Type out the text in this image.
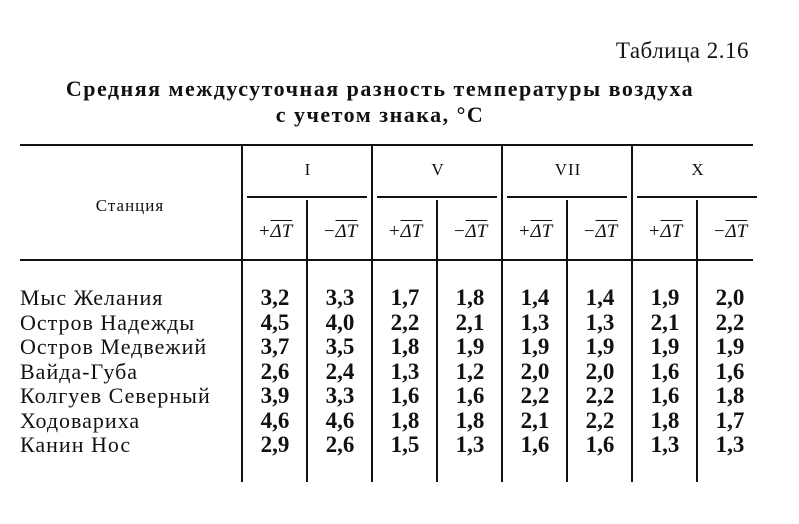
Таблица 2.16
Средняя междусуточная разность температуры воздуха
с учетом знака, °С
Станция
I	V	VII	X
$+\overline{\Delta T}$	$-\overline{\Delta T}$	$+\overline{\Delta T}$	$-\overline{\Delta T}$	$+\overline{\Delta T}$	$-\overline{\Delta T}$	$+\overline{\Delta T}$	$-\overline{\Delta T}$
Мыс Желания	3,2	3,3	1,7	1,8	1,4	1,4	1,9	2,0
Остров Надежды	4,5	4,0	2,2	2,1	1,3	1,3	2,1	2,2
Остров Медвежий	3,7	3,5	1,8	1,9	1,9	1,9	1,9	1,9
Вайда-Губа	2,6	2,4	1,3	1,2	2,0	2,0	1,6	1,6
Колгуев Северный	3,9	3,3	1,6	1,6	2,2	2,2	1,6	1,8
Ходовариха	4,6	4,6	1,8	1,8	2,1	2,2	1,8	1,7
Канин Нос	2,9	2,6	1,5	1,3	1,6	1,6	1,3	1,3
